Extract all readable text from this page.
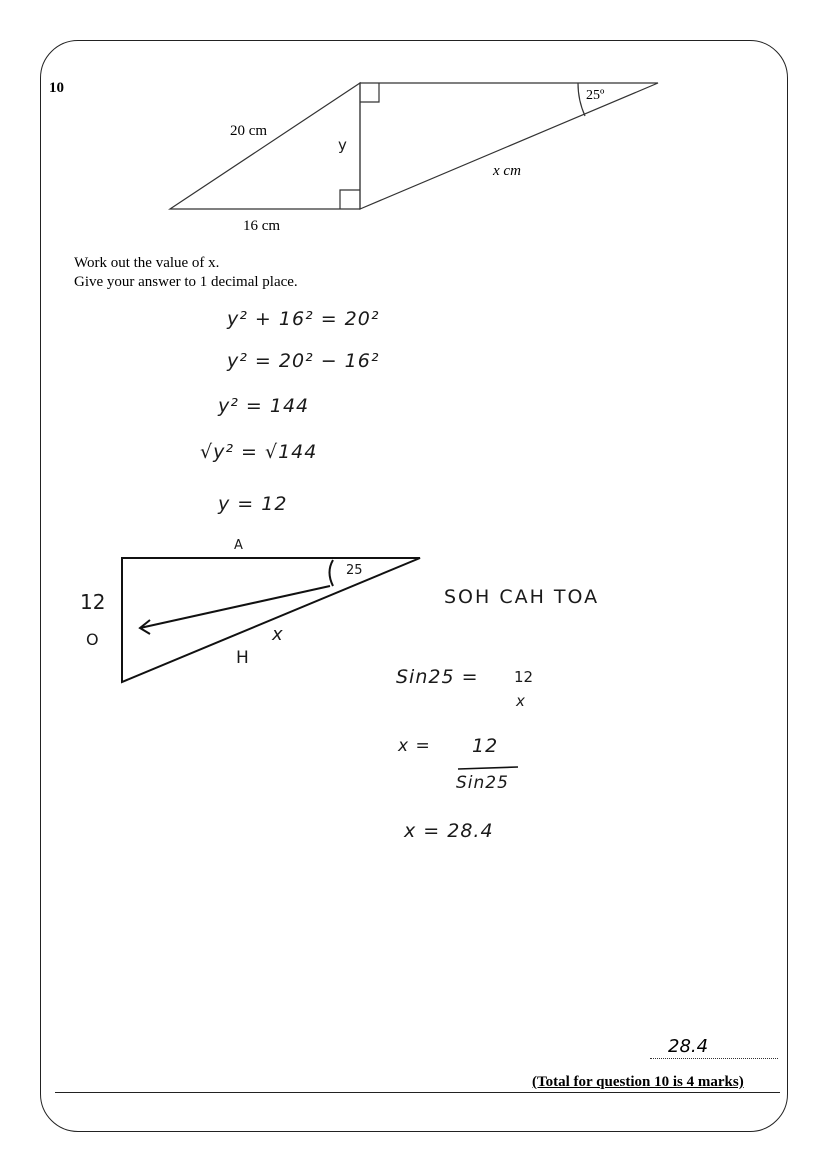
10
20 cm
16 cm
y
25º
x cm
Work out the value of x.
Give your answer to 1 decimal place.
y² + 16² = 20²
y² = 20² − 16²
y² = 144
√y² = √144
y = 12
A
25
12
O
H
x
SOH CAH TOA
Sin25 = 12
x
x = 12
Sin25
x = 28.4
28.4
(Total for question 10 is 4 marks)
